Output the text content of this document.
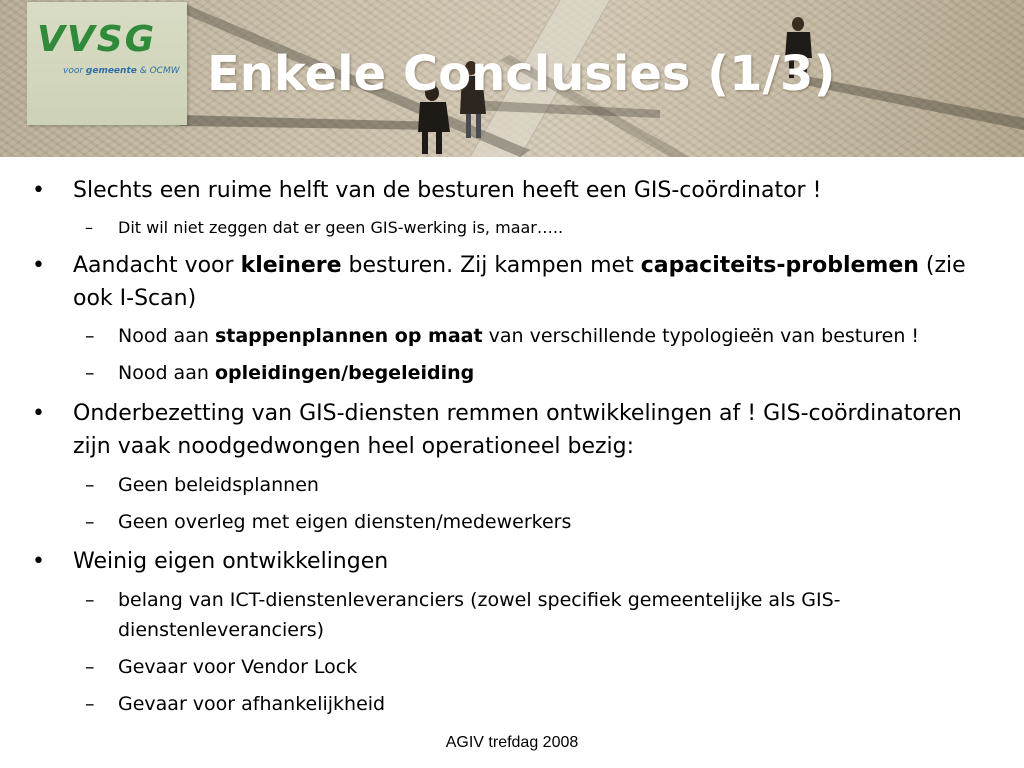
VVSG
voor gemeente & OCMW Enkele Conclusies (1/3)
• Slechts een ruime helft van de besturen heeft een GIS-coördinator !
– Dit wil niet zeggen dat er geen GIS-werking is, maar…..
• Aandacht voor kleinere besturen. Zij kampen met capaciteits-problemen (zie ook I-Scan)
– Nood aan stappenplannen op maat van verschillende typologieën van besturen !
– Nood aan opleidingen/begeleiding
• Onderbezetting van GIS-diensten remmen ontwikkelingen af ! GIS-coördinatoren zijn vaak noodgedwongen heel operationeel bezig:
– Geen beleidsplannen
– Geen overleg met eigen diensten/medewerkers
• Weinig eigen ontwikkelingen
– belang van ICT-dienstenleveranciers (zowel specifiek gemeentelijke als GIS-dienstenleveranciers)
– Gevaar voor Vendor Lock
– Gevaar voor afhankelijkheid
AGIV trefdag 2008
